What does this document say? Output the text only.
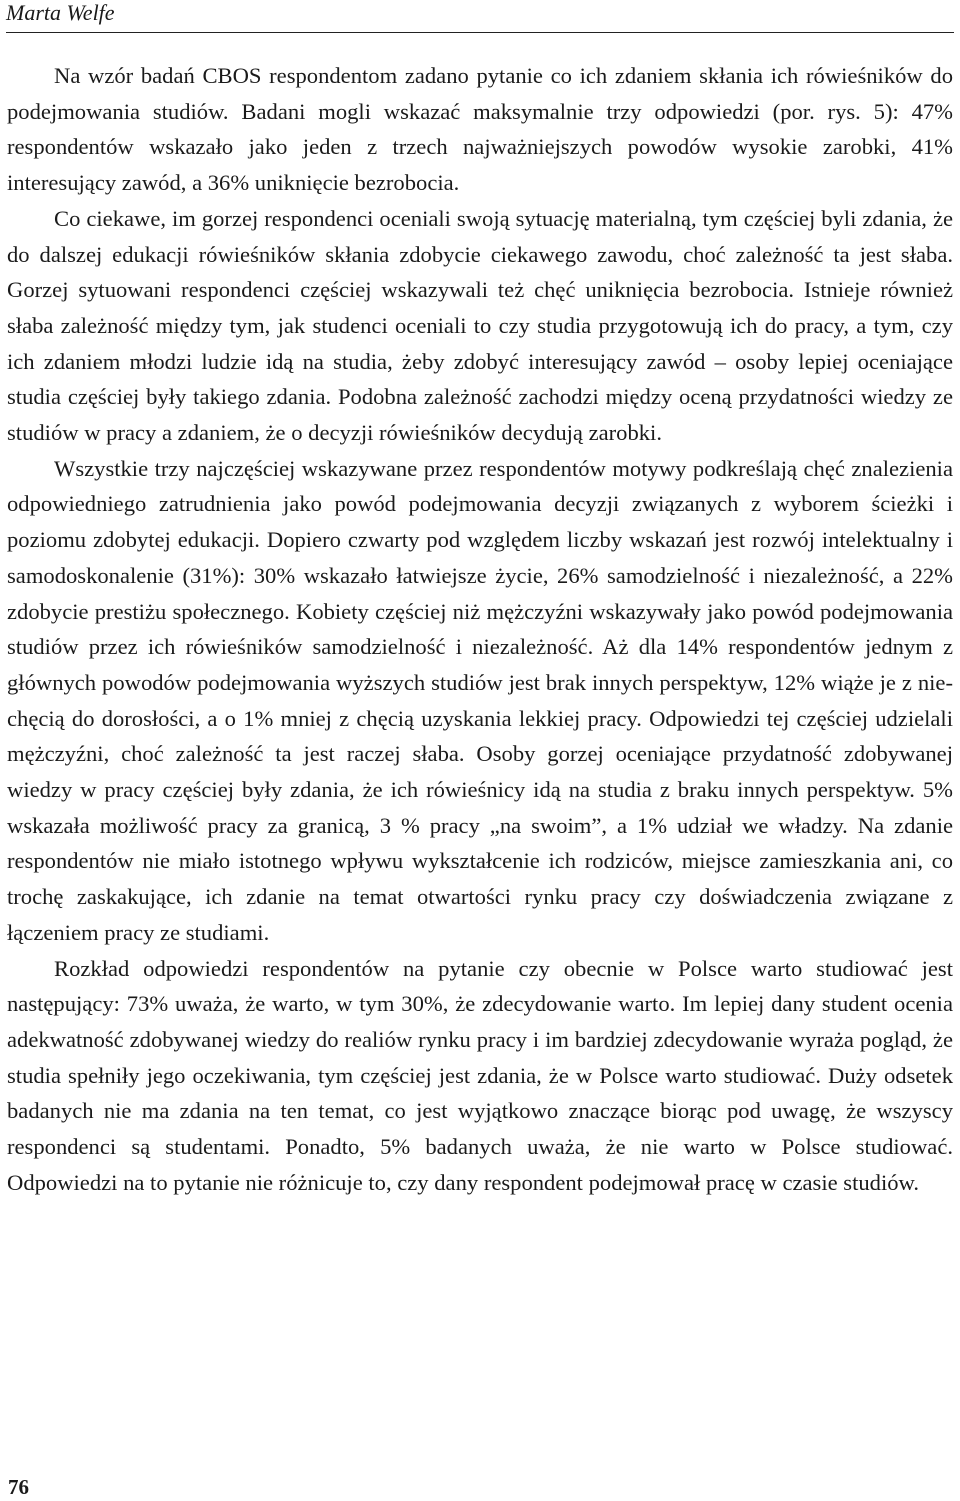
Marta Welfe

Na wzór badań CBOS respondentom zadano pytanie co ich zdaniem skłania ich rówieśników do podejmowania studiów. Badani mogli wskazać maksymalnie trzy odpowiedzi (por. rys. 5): 47% respondentów wskazało jako jeden z trzech najważniejszych powodów wysokie zarobki, 41% interesujący zawód, a 36% uniknięcie bezrobocia.

Co ciekawe, im gorzej respondenci oceniali swoją sytuację materialną, tym częściej byli zdania, że do dalszej edukacji rówieśników skłania zdobycie ciekawego zawodu, choć zależność ta jest słaba. Gorzej sytuowani respondenci częściej wskazywali też chęć uniknięcia bezrobocia. Istnieje również słaba zależność między tym, jak studenci oceniali to czy studia przygotowują ich do pracy, a tym, czy ich zdaniem młodzi ludzie idą na studia, żeby zdobyć interesujący zawód – osoby lepiej oceniające studia częściej były takiego zdania. Podobna zależność zachodzi między oceną przydatności wiedzy ze studiów w pracy a zdaniem, że o decyzji rówieśników decydują zarobki.

Wszystkie trzy najczęściej wskazywane przez respondentów motywy podkreślają chęć znalezienia odpowiedniego zatrudnienia jako powód podejmowania decyzji związanych z wyborem ścieżki i poziomu zdobytej edukacji. Dopiero czwarty pod względem liczby wskazań jest rozwój intelektualny i samodoskonalenie (31%): 30% wskazało łatwiejsze życie, 26% samodzielność i niezależność, a 22% zdobycie prestiżu społecznego. Kobiety częściej niż mężczyźni wskazywały jako powód podejmowania studiów przez ich rówieśników samodzielność i niezależność. Aż dla 14% respondentów jednym z głównych powodów podejmowania wyższych studiów jest brak innych perspektyw, 12% wiąże je z niechęcią do dorosłości, a o 1% mniej z chęcią uzyskania lekkiej pracy. Odpowiedzi tej częściej udzielali mężczyźni, choć zależność ta jest raczej słaba. Osoby gorzej oceniające przydatność zdobywanej wiedzy w pracy częściej były zdania, że ich rówieśnicy idą na studia z braku innych perspektyw. 5% wskazała możliwość pracy za granicą, 3 % pracy „na swoim”, a 1% udział we władzy. Na zdanie respondentów nie miało istotnego wpływu wykształcenie ich rodziców, miejsce zamieszkania ani, co trochę zaskakujące, ich zdanie na temat otwartości rynku pracy czy doświadczenia związane z łączeniem pracy ze studiami.

Rozkład odpowiedzi respondentów na pytanie czy obecnie w Polsce warto studiować jest następujący: 73% uważa, że warto, w tym 30%, że zdecydowanie warto. Im lepiej dany student ocenia adekwatność zdobywanej wiedzy do realiów rynku pracy i im bardziej zdecydowanie wyraża pogląd, że studia spełniły jego oczekiwania, tym częściej jest zdania, że w Polsce warto studiować. Duży odsetek badanych nie ma zdania na ten temat, co jest wyjątkowo znaczące biorąc pod uwagę, że wszyscy respondenci są studentami. Ponadto, 5% badanych uważa, że nie warto w Polsce studiować. Odpowiedzi na to pytanie nie różnicuje to, czy dany respondent podejmował pracę w czasie studiów.

76
